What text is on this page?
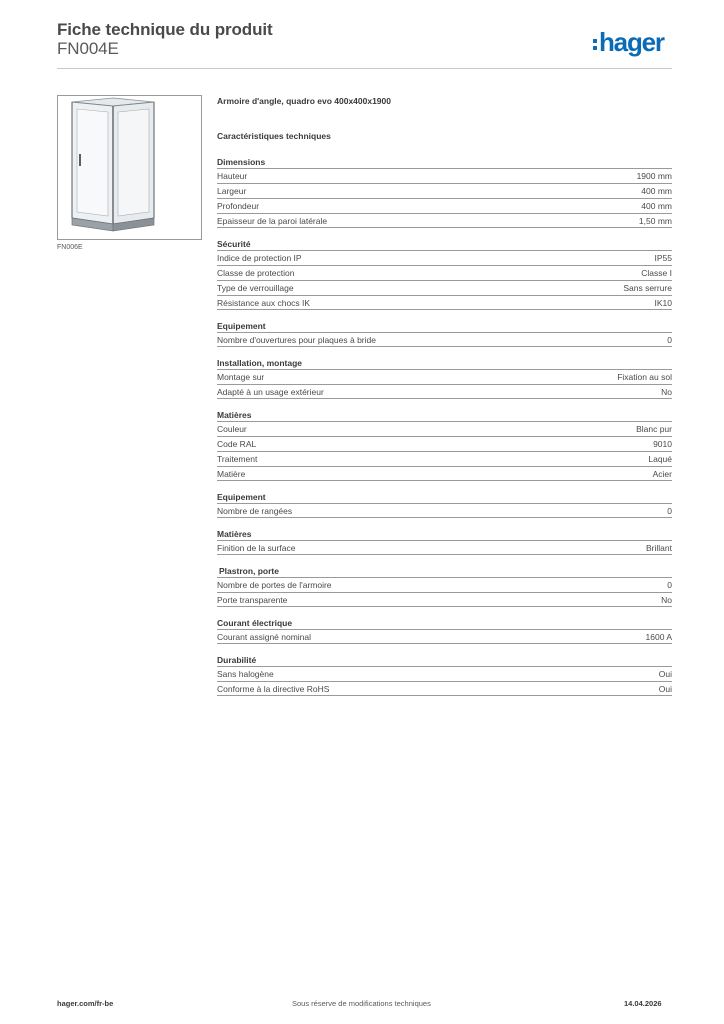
Fiche technique du produit
FN004E	hager
FN006E
Armoire d'angle, quadro evo 400x400x1900
Caractéristiques techniques
Dimensions
Hauteur	1900 mm
Largeur	400 mm
Profondeur	400 mm
Epaisseur de la paroi latérale	1,50 mm
Sécurité
Indice de protection IP	IP55
Classe de protection	Classe I
Type de verrouillage	Sans serrure
Résistance aux chocs IK	IK10
Equipement
Nombre d'ouvertures pour plaques à bride	0
Installation, montage
Montage sur	Fixation au sol
Adapté à un usage extérieur	No
Matières
Couleur	Blanc pur
Code RAL	9010
Traitement	Laqué
Matière	Acier
Equipement
Nombre de rangées	0
Matières
Finition de la surface	Brillant
Plastron, porte
Nombre de portes de l'armoire	0
Porte transparente	No
Courant électrique
Courant assigné nominal	1600 A
Durabilité
Sans halogène	Oui
Conforme à la directive RoHS	Oui
hager.com/fr-be	Sous réserve de modifications techniques	14.04.2026
